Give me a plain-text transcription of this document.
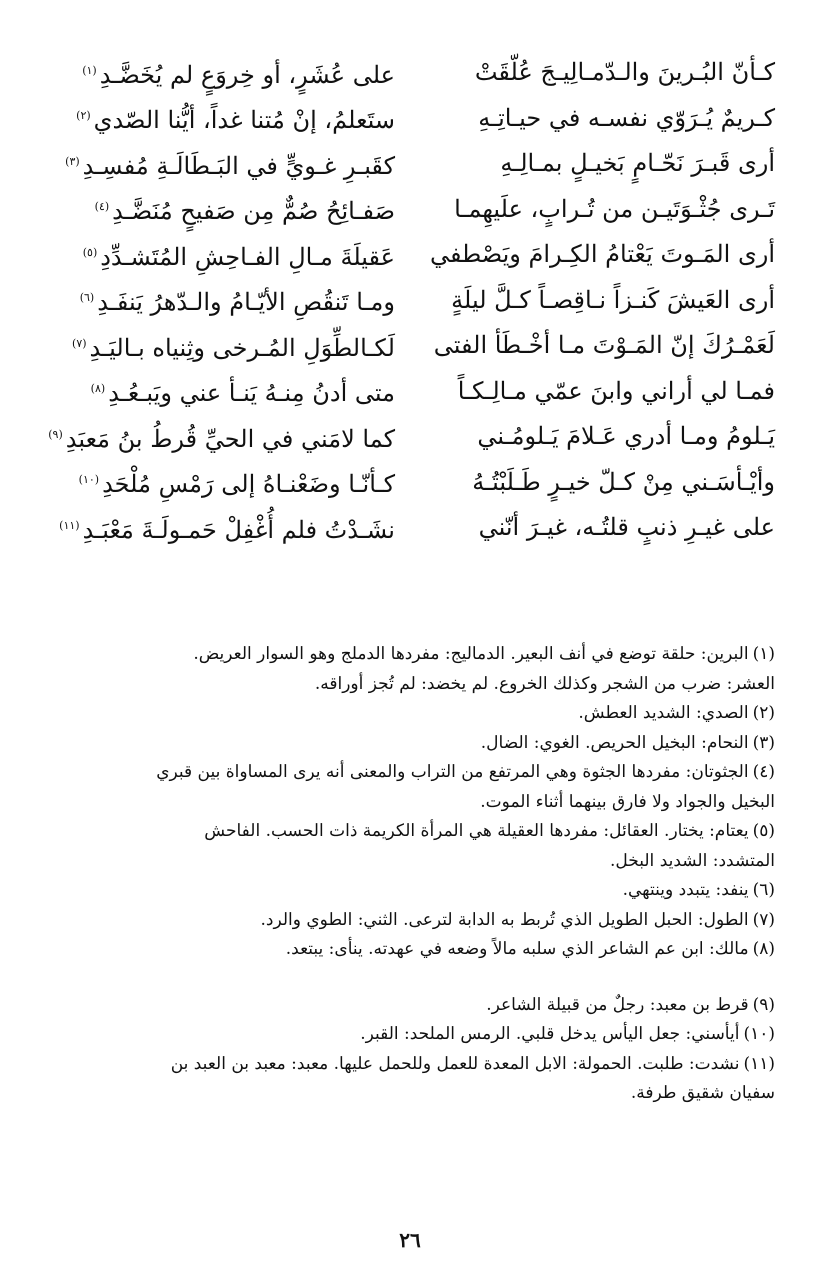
كـأنّ البُـرينَ والـدّمـالِيـجَ عُلّقَتْ
على عُشَرٍ، أو خِروَعٍ لم يُخَضَّـدِ$^{(١)}$
كـريمٌ يُـرَوّي نفسـه في حيـاتِـهِ
ستَعلمُ، إنْ مُتنا غداً، أيُّنا الصّدي$^{(٢)}$
أرى قَبـرَ نَحّـامٍ بَخيـلٍ بمـالِـهِ
كقَبـرِ غـويٍّ في البَـطَالَـةِ مُفسِـدِ$^{(٣)}$
تَـرى جُثْـوَتَيـن من تُـرابٍ، علَيهِمـا
صَفـائِحُ صُمٌّ مِن صَفيحٍ مُنَضَّـدِ$^{(٤)}$
أرى المَـوتَ يَعْتامُ الكِـرامَ ويَصْطفي
عَقيلَةَ مـالِ الفـاحِشِ المُتَشـدِّدِ$^{(٥)}$
أرى العَيشَ كَنـزاً نـاقِصـاً كـلَّ ليلَةٍ
ومـا تَنقُصِ الأيّـامُ والـدّهرُ يَنفَـدِ$^{(٦)}$
لَعَمْـرُكَ إنّ المَـوْتَ مـا أخْـطَأ الفتى
لَكـالطِّوَلِ المُـرخى وثِنياه بـاليَـدِ$^{(٧)}$
فمـا لي أراني وابنَ عمّي مـالِـكـاً
متى أدنُ مِنـهُ يَنـأ عني ويَبـعُـدِ$^{(٨)}$
يَـلومُ ومـا أدري عَـلامَ يَـلومُـني
كما لامَني في الحيِّ قُرطُ بنُ مَعبَدِ$^{(٩)}$
وأيْـأسَـني مِنْ كـلّ خيـرٍ طَـلَبْتُـهُ
كـأنّـا وضَعْنـاهُ إلى رَمْسِ مُلْحَدِ$^{(١٠)}$
على غيـرِ ذنبٍ قلتُـه، غيـرَ أنّني
نشَـدْتُ فلم أُغْفِلْ حَمـولَـةَ مَعْبَـدِ$^{(١١)}$
(١)البرين: حلقة توضع في أنف البعير. الدماليج: مفردها الدملج وهو السوار العريض.
العشر: ضرب من الشجر وكذلك الخروع. لم يخضد: لم تُجز أوراقه.
(٢)الصدي: الشديد العطش.
(٣)النحام: البخيل الحريص. الغوي: الضال.
(٤)الجثوتان: مفردها الجثوة وهي المرتفع من التراب والمعنى أنه يرى المساواة بين قبري
البخيل والجواد ولا فارق بينهما أثناء الموت.
(٥)يعتام: يختار. العقائل: مفردها العقيلة هي المرأة الكريمة ذات الحسب. الفاحش
المتشدد: الشديد البخل.
(٦)ينفد: يتبدد وينتهي.
(٧)الطول: الحبل الطويل الذي تُربط به الدابة لترعى. الثني: الطوي والرد.
(٨)مالك: ابن عم الشاعر الذي سلبه مالاً وضعه في عهدته. ينأى: يبتعد.
(٩)قرط بن معبد: رجلٌ من قبيلة الشاعر.
(١٠)أيأسني: جعل اليأس يدخل قلبي. الرمس الملحد: القبر.
(١١)نشدت: طلبت. الحمولة: الابل المعدة للعمل وللحمل عليها. معبد: معبد بن العبد بن
سفيان شقيق طرفة.
٢٦
